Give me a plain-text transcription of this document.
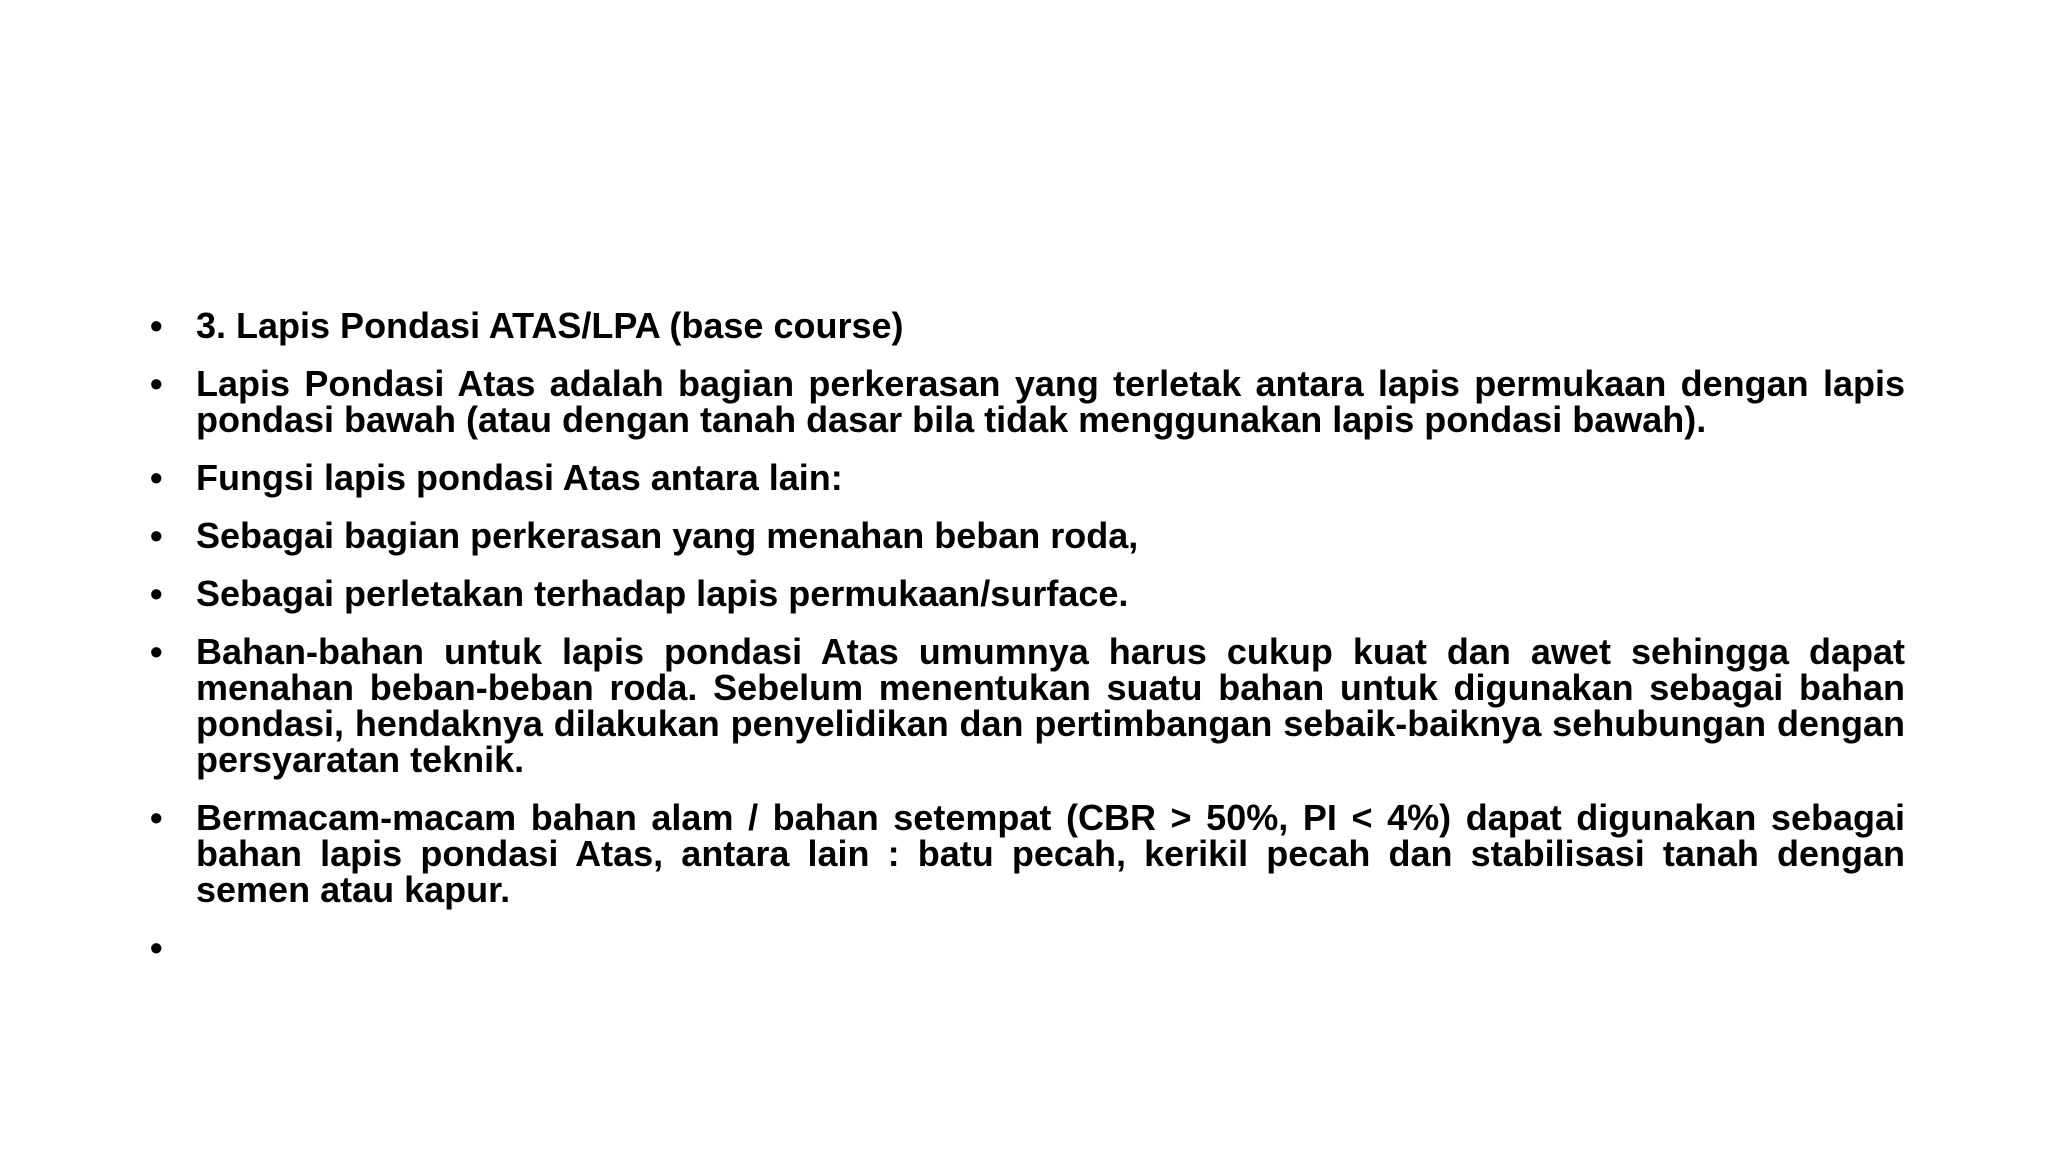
• 3. Lapis Pondasi ATAS/LPA (base course)
• Lapis Pondasi Atas adalah bagian perkerasan yang terletak antara lapis permukaan dengan lapis pondasi bawah (atau dengan tanah dasar bila tidak menggunakan lapis pondasi bawah).
• Fungsi lapis pondasi Atas antara lain:
• Sebagai bagian perkerasan yang menahan beban roda,
• Sebagai perletakan terhadap lapis permukaan/surface.
• Bahan-bahan untuk lapis pondasi Atas umumnya harus cukup kuat dan awet sehingga dapat menahan beban-beban roda. Sebelum menentukan suatu bahan untuk digunakan sebagai bahan pondasi, hendaknya dilakukan penyelidikan dan pertimbangan sebaik-baiknya sehubungan dengan persyaratan teknik.
• Bermacam-macam bahan alam / bahan setempat (CBR > 50%, PI < 4%) dapat digunakan sebagai bahan lapis pondasi Atas, antara lain : batu pecah, kerikil pecah dan stabilisasi tanah dengan semen atau kapur.
•
